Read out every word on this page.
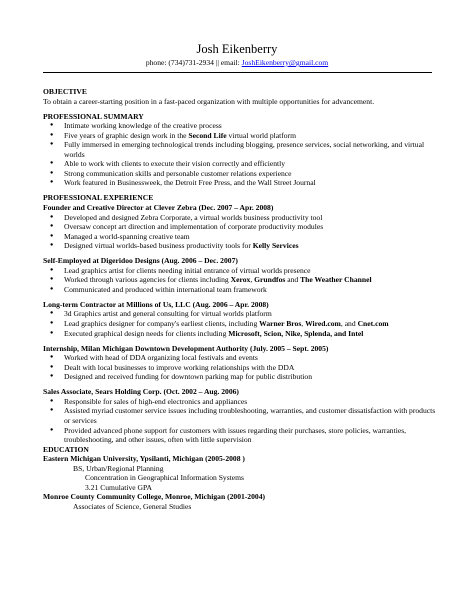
Josh Eikenberry
phone: (734)731-2934 || email: JoshEikenberry@gmail.com

OBJECTIVE

To obtain a career-starting position in a fast-paced organization with multiple opportunities for advancement.

PROFESSIONAL SUMMARY

● Intimate working knowledge of the creative process
● Five years of graphic design work in the Second Life virtual world platform
● Fully immersed in emerging technological trends including blogging, presence services, social networking, and virtual worlds
● Able to work with clients to execute their vision correctly and efficiently
● Strong communication skills and personable customer relations experience
● Work featured in Businessweek, the Detroit Free Press, and the Wall Street Journal

PROFESSIONAL EXPERIENCE

Founder and Creative Director at Clever Zebra (Dec. 2007 – Apr. 2008)

● Developed and designed Zebra Corporate, a virtual worlds business productivity tool
● Oversaw concept art direction and implementation of corporate productivity modules
● Managed a world-spanning creative team
● Designed virtual worlds-based business productivity tools for Kelly Services

Self-Employed at Digeridoo Designs (Aug. 2006 – Dec. 2007)

● Lead graphics artist for clients needing initial entrance of virtual worlds presence
● Worked through various agencies for clients including Xerox, Grundfos and The Weather Channel
● Communicated and produced within international team framework

Long-term Contractor at Millions of Us, LLC (Aug. 2006 – Apr. 2008)

● 3d Graphics artist and general consulting for virtual worlds platform
● Lead graphics designer for company's earliest clients, including Warner Bros, Wired.com, and Cnet.com
● Executed graphical design needs for clients including Microsoft, Scion, Nike, Splenda, and Intel

Internship, Milan Michigan Downtown Development Authority (July. 2005 – Sept. 2005)

● Worked with head of DDA organizing local festivals and events
● Dealt with local businesses to improve working relationships with the DDA
● Designed and received funding for downtown parking map for public distribution

Sales Associate, Sears Holding Corp. (Oct. 2002 – Aug. 2006)

● Responsible for sales of high-end electronics and appliances
● Assisted myriad customer service issues including troubleshooting, warranties, and customer dissatisfaction with products or services
● Provided advanced phone support for customers with issues regarding their purchases, store policies, warranties, troubleshooting, and other issues, often with little supervision

EDUCATION

Eastern Michigan University, Ypsilanti, Michigan (2005-2008 )

BS, Urban/Regional Planning
Concentration in Geographical Information Systems
3.21 Cumulative GPA

Monroe County Community College, Monroe, Michigan (2001-2004)

Associates of Science, General Studies
